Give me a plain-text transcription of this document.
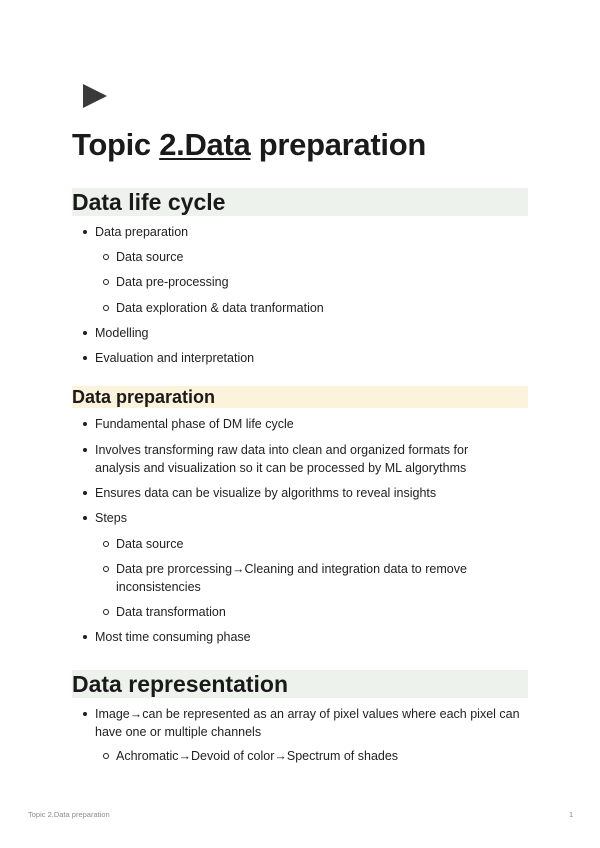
Topic 2.Data preparation
Data life cycle
Data preparation
Data source
Data pre-processing
Data exploration & data tranformation
Modelling
Evaluation and interpretation
Data preparation
Fundamental phase of DM life cycle
Involves transforming raw data into clean and organized formats for analysis and visualization so it can be processed by ML algorythms
Ensures data can be visualize by algorithms to reveal insights
Steps
Data source
Data pre prorcessing→Cleaning and integration data to remove inconsistencies
Data transformation
Most time consuming phase
Data representation
Image→can be represented as an array of pixel values where each pixel can have one or multiple channels
Achromatic→Devoid of color→Spectrum of shades
Topic 2.Data preparation	1
